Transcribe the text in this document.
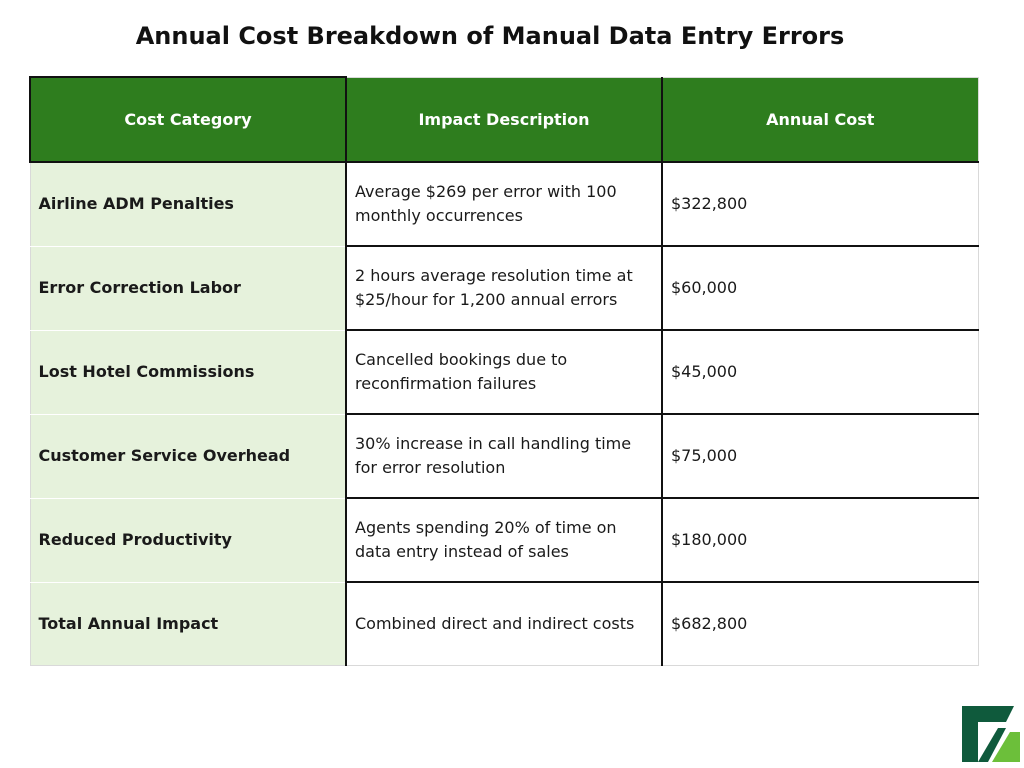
Annual Cost Breakdown of Manual Data Entry Errors
Cost Category	Impact Description	Annual Cost
Airline ADM Penalties	Average $269 per error with 100 monthly occurrences	$322,800
Error Correction Labor	2 hours average resolution time at $25/hour for 1,200 annual errors	$60,000
Lost Hotel Commissions	Cancelled bookings due to reconfirmation failures	$45,000
Customer Service Overhead	30% increase in call handling time for error resolution	$75,000
Reduced Productivity	Agents spending 20% of time on data entry instead of sales	$180,000
Total Annual Impact	Combined direct and indirect costs	$682,800
